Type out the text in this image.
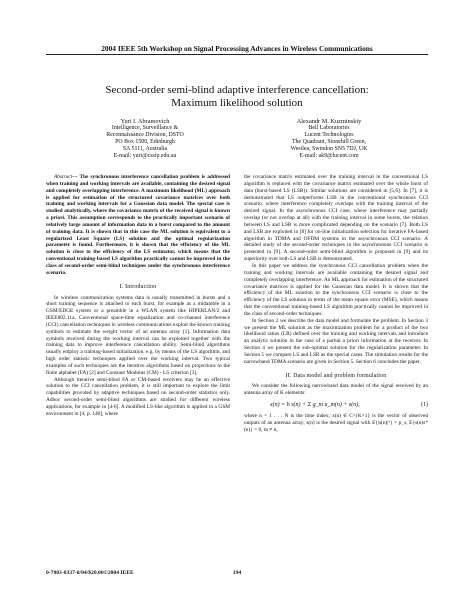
2004 IEEE 5th Workshop on Signal Processing Advances in Wireless Communications
Second-order semi-blind adaptive interference cancellation:
Maximum likelihood solution
Yuri I. Abramovich
Intelligence, Surveillance &
Reconnaissance Division, DSTO
PO Box 1500, Edinburgh
SA 5111, Australia
E-mail: yuri@cssip.edu.au
Alexandr M. Kuzminskiy
Bell Laboratories
Lucent Technologies
The Quadrant, Stonehill Green,
Westlea, Swindon SN5 7DJ, UK
E-mail: ak9@lucent.com

Abstract— The synchronous interference cancellation problem is addressed when training and working intervals are available, containing the desired signal and completely overlapping interference. A maximum likelihood (ML) approach is applied for estimation of the structured covariance matrices over both training and working intervals for a Gaussian data model. The special case is studied analytically, where the covariance matrix of the received signal is known a priori. This assumption corresponds to the practically important scenario of relatively large amount of information data in a burst compared to the amount of training data. It is shown that in this case the ML solution is equivalent to a regularized Least Square (LS) solution and the optimal regularization parameter is found. Furthermore, it is shown that the efficiency of the ML solution is close to the efficiency of the LS estimator, which means that the conventional training-based LS algorithm practically cannot be improved in the class of second-order semi-blind techniques under the synchronous interference scenario.

I. Introduction

In wireless communication systems data is usually transmitted in bursts and a short training sequence is attached to each burst, for example as a midamble in a GSM/EDGE system or a preamble in a WLAN system like HIPERLAN/2 and IEEE802.11a. Conventional space-time equalization and co-channel interference (CCI) cancellation techniques in wireless communications exploit the known training symbols to estimate the weight vector of an antenna array [1]. Information data symbols received during the working interval can be exploited together with the training data to improve interference cancellation ability. Semi-blind algorithms usually employ a training-based initialization, e.g. by means of the LS algorithm, and high order statistic techniques applied over the working interval. Two typical examples of such techniques are the iterative algorithms based on projections to the finite alphabet (FA) [2] and Constant Modulus (CM) - LS criterion [3].

Although iterative semi-blind FA or CM-based receivers may be an effective solution to the CCI cancellation problem, it is still important to explore the limit capabilities provided by adaptive techniques based on second-order statistics only. Adhoc second-order semi-blind algorithms are studied for different wireless applications, for example in [4-6]. A modified LS-like algorithm is applied in a GSM environment in [4, p. 140], where

the covariance matrix estimated over the training interval in the conventional LS algorithm is replaced with the covariance matrix estimated over the whole burst of data (burst-based LS (LSB)). Similar solutions are considered in [5,6]. In [7], it is demonstrated that LS outperforms LSB in the conventional synchronous CCI scenario, where interference completely overlaps with the training interval of the desired signal. In the asynchronous CCI case, where interference may partially overlap (or not overlap at all) with the training interval in some bursts, the relation between LS and LSB is more complicated depending on the scenario [7]. Both LS and LSB are exploited in [8] for on-line initialization selection for iterative FA-based algorithm in TDMA and OFDM systems in the asynchronous CCI scenario. A detailed study of the second-order techniques in the asynchronous CCI scenario is presented in [9]. A second-order semi-blind algorithm is proposed in [9] and its superiority over both LS and LSB is demonstrated.

In this paper we address the synchronous CCI cancellation problem when the training and working intervals are available containing the desired signal and completely overlapping interference. An ML approach for estimation of the structured covariance matrices is applied for the Gaussian data model. It is shown that the efficiency of the ML solution in the synchronous CCI scenario is close to the efficiency of the LS solution in terms of the mean square error (MSE), which means that the conventional training-based LS algorithm practically cannot be improved in the class of second-order techniques.

In Section 2 we describe the data model and formulate the problem. In Section 3 we present the ML solution as the maximization problem for a product of the two likelihood ratios (LR) defined over the training and working intervals and introduce an analytic solution in the case of a partial a priori information at the receiver. In Section 4 we present the sub-optimal solution for the regularization parameter. In Section 5 we compare LS and LSB as the special cases. The simulation results for the narrowband TDMA scenario are given in Section 5. Section 6 concludes the paper.

II. Data model and problem formulation

We consider the following narrowband data model of the signal received by an antenna array of K elements:

x(n) = h s(n) + Σ g_m u_m(n) + z(n),	(1)

where n = 1 . . . N is the time index; x(n) ∈ C^{K×1} is the vector of observed outputs of an antenna array; s(n) is the desired signal with E{|s(n)|²} = p_s, E{s(n)s*(n)} = 0, m ≠ n,

0-7803-8337-0/04/$20.00©2004 IEEE	194
